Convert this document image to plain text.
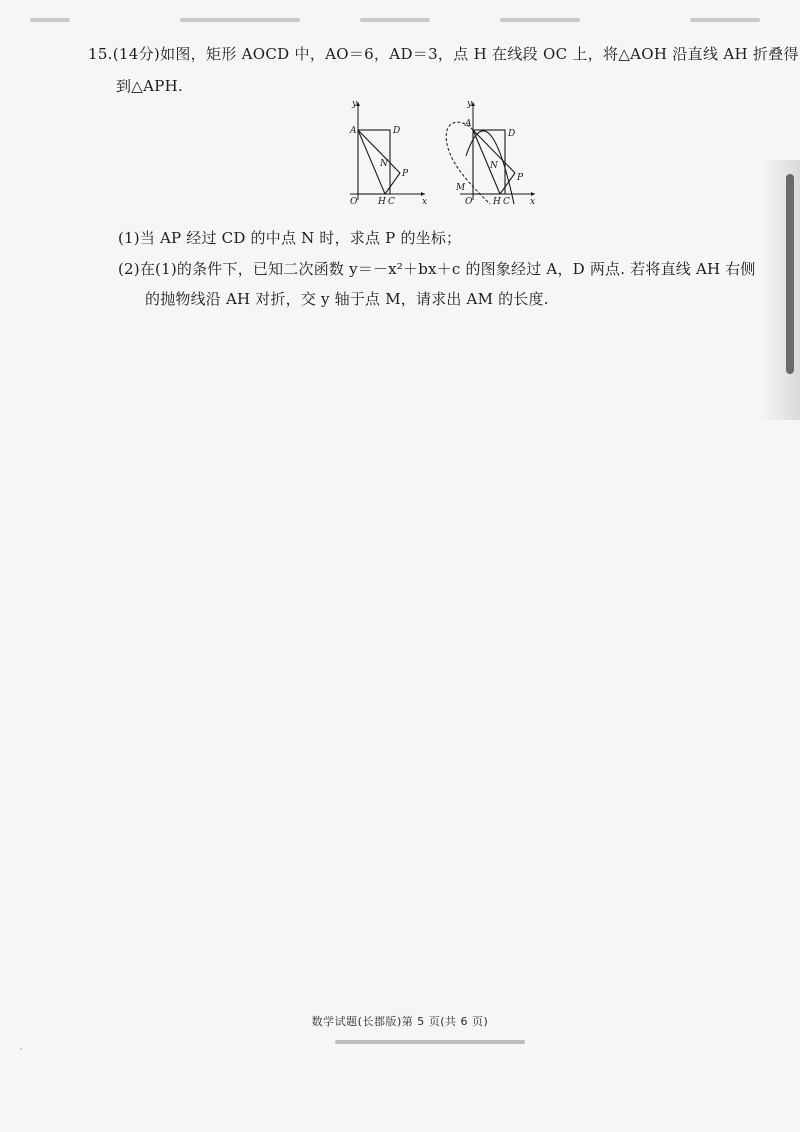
15.(14分)如图，矩形 AOCD 中，AO＝6，AD＝3，点 H 在线段 OC 上，将△AOH 沿直线 AH 折叠得
到△APH.
y
A	D
N
P
O H C	x
y
A
D
N
P
M
O H C x
(1)当 AP 经过 CD 的中点 N 时，求点 P 的坐标；
(2)在(1)的条件下，已知二次函数 y＝－x²＋bx＋c 的图象经过 A，D 两点. 若将直线 AH 右侧
的抛物线沿 AH 对折，交 y 轴于点 M，请求出 AM 的长度.
数学试题(长郡版)第 5 页(共 6 页)
